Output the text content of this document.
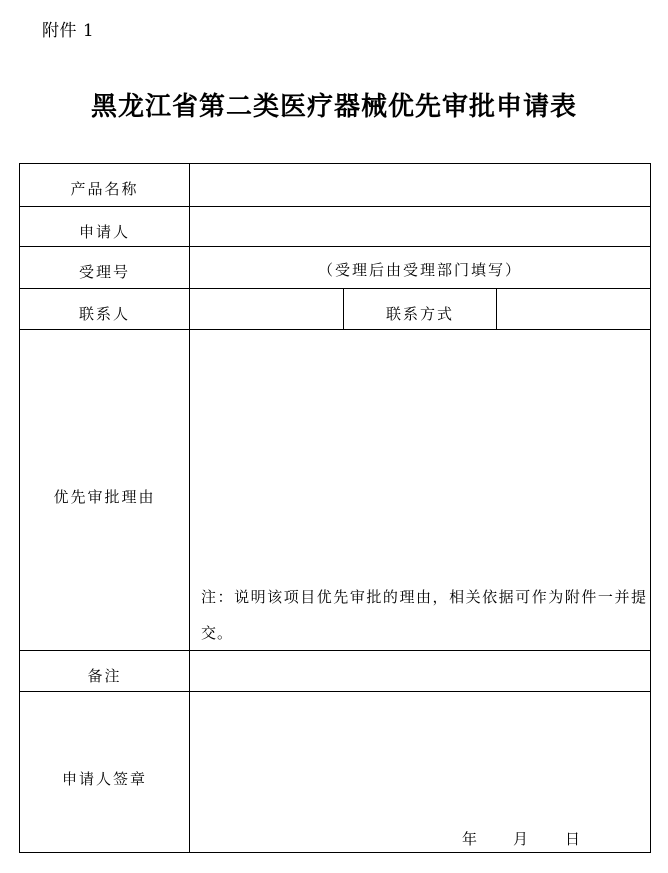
附件 1
黑龙江省第二类医疗器械优先审批申请表
产品名称
申请人
受理号	（受理后由受理部门填写）
联系人	联系方式
优先审批理由
注：说明该项目优先审批的理由，相关依据可作为附件一并提交。
备注
申请人签章
年 月 日
